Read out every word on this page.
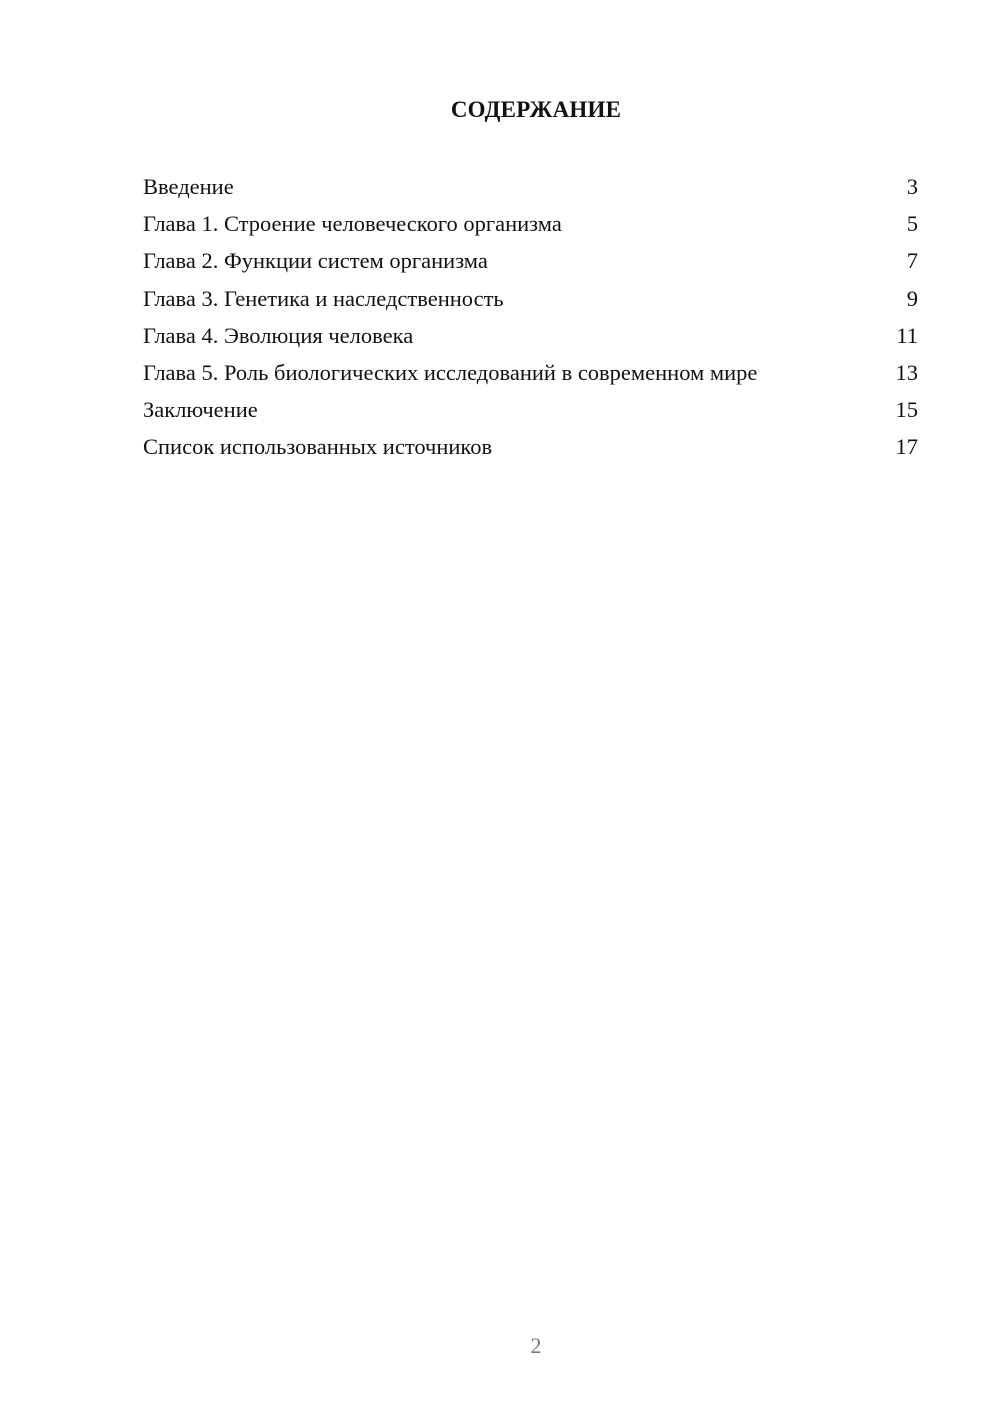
СОДЕРЖАНИЕ
Введение	3
Глава 1. Строение человеческого организма	5
Глава 2. Функции систем организма	7
Глава 3. Генетика и наследственность	9
Глава 4. Эволюция человека	11
Глава 5. Роль биологических исследований в современном мире	13
Заключение	15
Список использованных источников	17
2
